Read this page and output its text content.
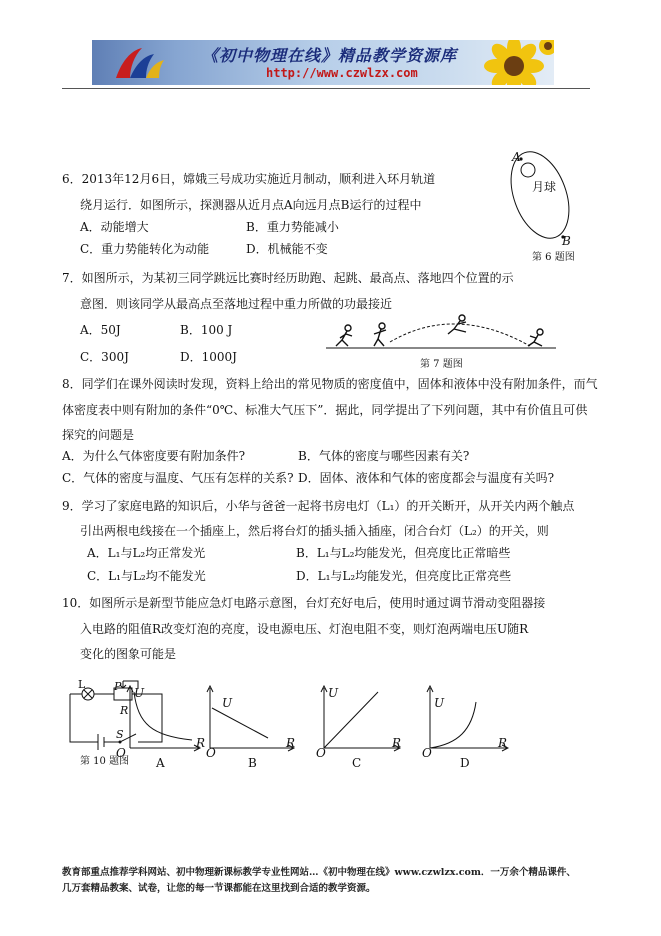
《初中物理在线》精品教学资源库
http://www.czwlzx.com
6．2013年12月6日，嫦娥三号成功实施近月制动，顺利进入环月轨道
绕月运行．如图所示，探测器从近月点A向远月点B运行的过程中
A．动能增大	B．重力势能减小
C．重力势能转化为动能	D．机械能不变
A
月球
B
第 6 题图
7．如图所示，为某初三同学跳远比赛时经历助跑、起跳、最高点、落地四个位置的示
意图．则该同学从最高点至落地过程中重力所做的功最接近
A．50J	B．100 J
C．300J	D．1000J
第 7 题图
8．同学们在课外阅读时发现，资料上给出的常见物质的密度值中，固体和液体中没有附加条件，而气
体密度表中则有附加的条件“0℃、标准大气压下”．据此，同学提出了下列问题，其中有价值且可供
探究的问题是
A．为什么气体密度要有附加条件?	B．气体的密度与哪些因素有关?
C．气体的密度与温度、气压有怎样的关系? D．固体、液体和气体的密度都会与温度有关吗?
9．学习了家庭电路的知识后，小华与爸爸一起将书房电灯（L₁）的开关断开，从开关内两个触点
引出两根电线接在一个插座上，然后将台灯的插头插入插座，闭合台灯（L₂）的开关，则
A．L₁与L₂均正常发光	B．L₁与L₂均能发光，但亮度比正常暗些
C．L₁与L₂均不能发光	D．L₁与L₂均能发光，但亮度比正常亮些
10．如图所示是新型节能应急灯电路示意图，台灯充好电后，使用时通过调节滑动变阻器接
入电路的阻值R改变灯泡的亮度，设电源电压、灯泡电阻不变，则灯泡两端电压U随R
变化的图象可能是
L	P
R
S
U
R
O
A
U
R
O
B
U
R
O
C
U
R
O
D
第 10 题图
教育部重点推荐学科网站、初中物理新课标教学专业性网站…《初中物理在线》www.czwlzx.com．一万余个精品课件、
几万套精品教案、试卷，让您的每一节课都能在这里找到合适的教学资源。
